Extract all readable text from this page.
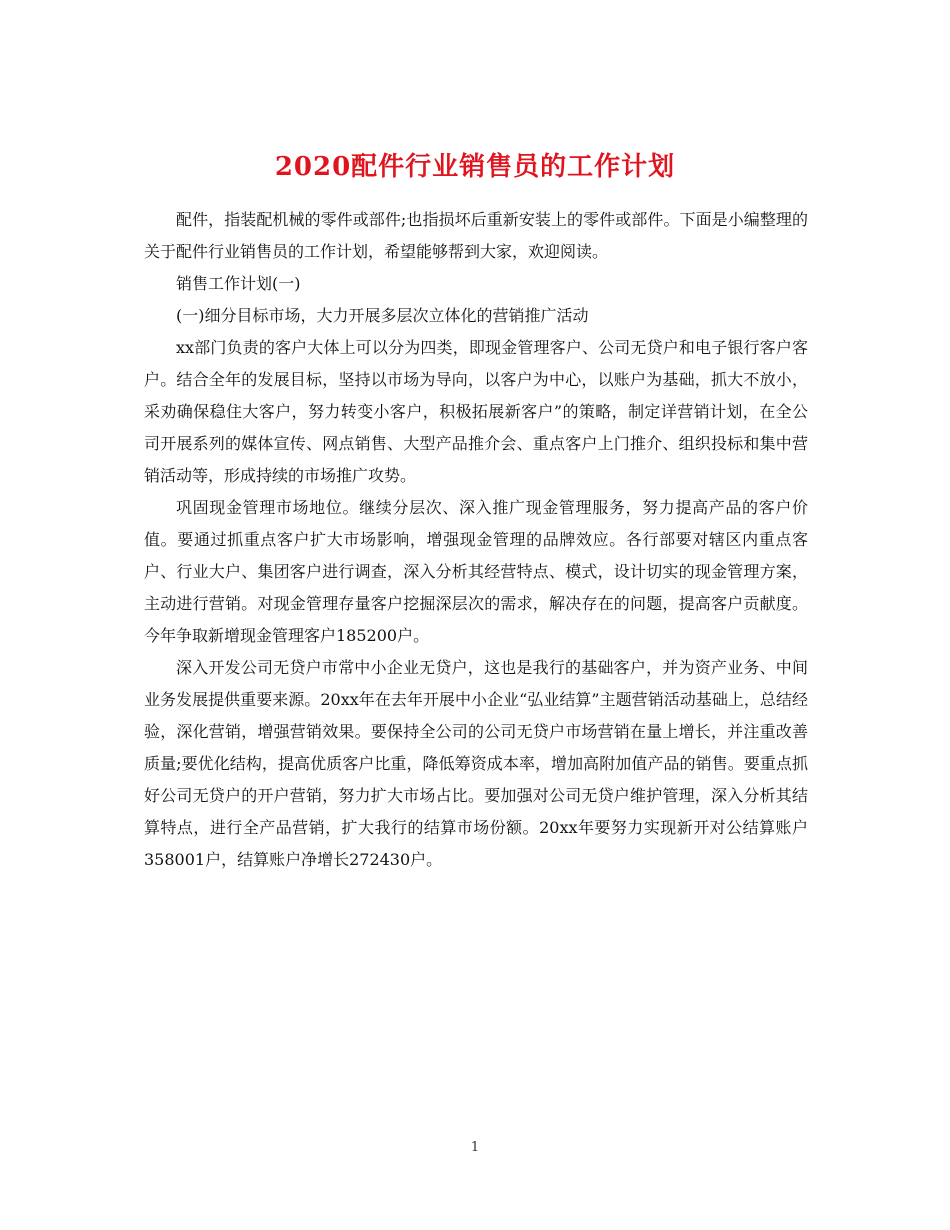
2020配件行业销售员的工作计划

配件，指装配机械的零件或部件;也指损坏后重新安装上的零件或部件。下面是小编整理的关于配件行业销售员的工作计划，希望能够帮到大家，欢迎阅读。

销售工作计划(一)

(一)细分目标市场，大力开展多层次立体化的营销推广活动

xx部门负责的客户大体上可以分为四类，即现金管理客户、公司无贷户和电子银行客户客户。结合全年的发展目标，坚持以市场为导向，以客户为中心，以账户为基础，抓大不放小，采劝确保稳住大客户，努力转变小客户，积极拓展新客户”的策略，制定详营销计划，在全公司开展系列的媒体宣传、网点销售、大型产品推介会、重点客户上门推介、组织投标和集中营销活动等，形成持续的市场推广攻势。

巩固现金管理市场地位。继续分层次、深入推广现金管理服务，努力提高产品的客户价值。要通过抓重点客户扩大市场影响，增强现金管理的品牌效应。各行部要对辖区内重点客户、行业大户、集团客户进行调查，深入分析其经营特点、模式，设计切实的现金管理方案，主动进行营销。对现金管理存量客户挖掘深层次的需求，解决存在的问题，提高客户贡献度。今年争取新增现金管理客户185200户。

深入开发公司无贷户市常中小企业无贷户，这也是我行的基础客户，并为资产业务、中间业务发展提供重要来源。20xx年在去年开展中小企业“弘业结算”主题营销活动基础上，总结经验，深化营销，增强营销效果。要保持全公司的公司无贷户市场营销在量上增长，并注重改善质量;要优化结构，提高优质客户比重，降低筹资成本率，增加高附加值产品的销售。要重点抓好公司无贷户的开户营销，努力扩大市场占比。要加强对公司无贷户维护管理，深入分析其结算特点，进行全产品营销，扩大我行的结算市场份额。20xx年要努力实现新开对公结算账户358001户，结算账户净增长272430户。

1
